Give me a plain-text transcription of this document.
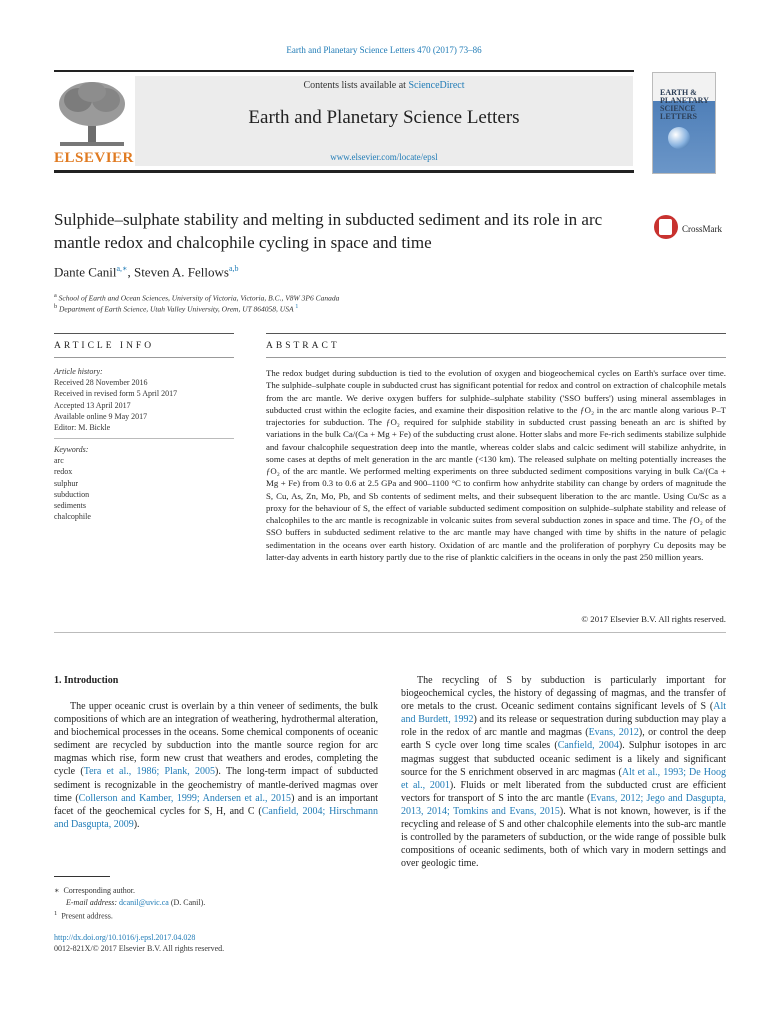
Earth and Planetary Science Letters 470 (2017) 73–86
ELSEVIER
Contents lists available at ScienceDirect
Earth and Planetary Science Letters
www.elsevier.com/locate/epsl
EARTH & PLANETARY SCIENCE LETTERS
Sulphide–sulphate stability and melting in subducted sediment and its role in arc mantle redox and chalcophile cycling in space and time
CrossMark
Dante Canil$^{a,∗}$, Steven A. Fellows$^{a,b}$
$^a$ School of Earth and Ocean Sciences, University of Victoria, Victoria, B.C., V8W 3P6 Canada
$^b$ Department of Earth Science, Utah Valley University, Orem, UT 864058, USA $^1$
ARTICLE INFO	ABSTRACT
Article history:
Received 28 November 2016
Received in revised form 5 April 2017
Accepted 13 April 2017
Available online 9 May 2017
Editor: M. Bickle
Keywords:
arc
redox
sulphur
subduction
sediments
chalcophile
The redox budget during subduction is tied to the evolution of oxygen and biogeochemical cycles on Earth's surface over time. The sulphide–sulphate couple in subducted crust has significant potential for redox and control on extraction of chalcophile metals from the arc mantle. We derive oxygen buffers for sulphide–sulphate stability ('SSO buffers') using mineral assemblages in subducted crust within the eclogite facies, and examine their disposition relative to the ƒO₂ in the arc mantle along various P–T trajectories for subduction. The ƒO₂ required for sulphide stability in subducted crust passing beneath an arc is shifted by variations in the bulk Ca/(Ca + Mg + Fe) of the subducting crust alone. Hotter slabs and more Fe-rich sediments stabilize sulphide and favour chalcophile sequestration deep into the mantle, whereas colder slabs and calcic sediment will stabilize anhydrite, in some cases at depths of melt generation in the arc mantle (<130 km). The released sulphate on melting potentially increases the ƒO₂ of the arc mantle. We performed melting experiments on three subducted sediment compositions varying in bulk Ca/(Ca + Mg + Fe) from 0.3 to 0.6 at 2.5 GPa and 900–1100 °C to confirm how anhydrite stability can change by orders of magnitude the S, Cu, As, Zn, Mo, Pb, and Sb contents of sediment melts, and their subsequent liberation to the arc mantle. Using Cu/Sc as a proxy for the behaviour of S, the effect of variable subducted sediment composition on sulphide–sulphate stability and release of chalcophiles to the arc mantle is recognizable in volcanic suites from several subduction zones in space and time. The ƒO₂ of the SSO buffers in subducted sediment relative to the arc mantle may have changed with time by shifts in the nature of pelagic sedimentation in the oceans over earth history. Oxidation of arc mantle and the proliferation of porphyry Cu deposits may be latter-day advents in earth history partly due to the rise of planktic calcifiers in the oceans in only the past 250 million years.
© 2017 Elsevier B.V. All rights reserved.
1. Introduction
The upper oceanic crust is overlain by a thin veneer of sediments, the bulk compositions of which are an integration of weathering, hydrothermal alteration, and biochemical processes in the oceans. Some chemical components of oceanic sediment are recycled by subduction into the mantle source region for arc magmas which rise, form new crust that weathers and erodes, completing the cycle (Tera et al., 1986; Plank, 2005). The long-term impact of subducted sediment is recognizable in the geochemistry of mantle-derived magmas over time (Collerson and Kamber, 1999; Andersen et al., 2015) and is an important facet of the geochemical cycles for S, H, and C (Canfield, 2004; Hirschmann and Dasgupta, 2009).
The recycling of S by subduction is particularly important for biogeochemical cycles, the history of degassing of magmas, and the transfer of ore metals to the crust. Oceanic sediment contains significant levels of S (Alt and Burdett, 1992) and its release or sequestration during subduction may play a role in the redox of arc mantle and magmas (Evans, 2012), or control the deep earth S cycle over long time scales (Canfield, 2004). Sulphur isotopes in arc magmas suggest that subducted oceanic sediment is a likely and significant source for the S enrichment observed in arc magmas (Alt et al., 1993; De Hoog et al., 2001). Fluids or melt liberated from the subducted crust are efficient vectors for transport of S into the arc mantle (Evans, 2012; Jego and Dasgupta, 2013, 2014; Tomkins and Evans, 2015). What is not known, however, is if the recycling and release of S and other chalcophile elements into the sub-arc mantle is controlled by the parameters of subduction, or the wide range of possible bulk compositions of oceanic sediments, both of which vary in modern settings and over geologic time.
∗ Corresponding author.
E-mail address: dcanil@uvic.ca (D. Canil).
$^1$ Present address.
http://dx.doi.org/10.1016/j.epsl.2017.04.028
0012-821X/© 2017 Elsevier B.V. All rights reserved.
